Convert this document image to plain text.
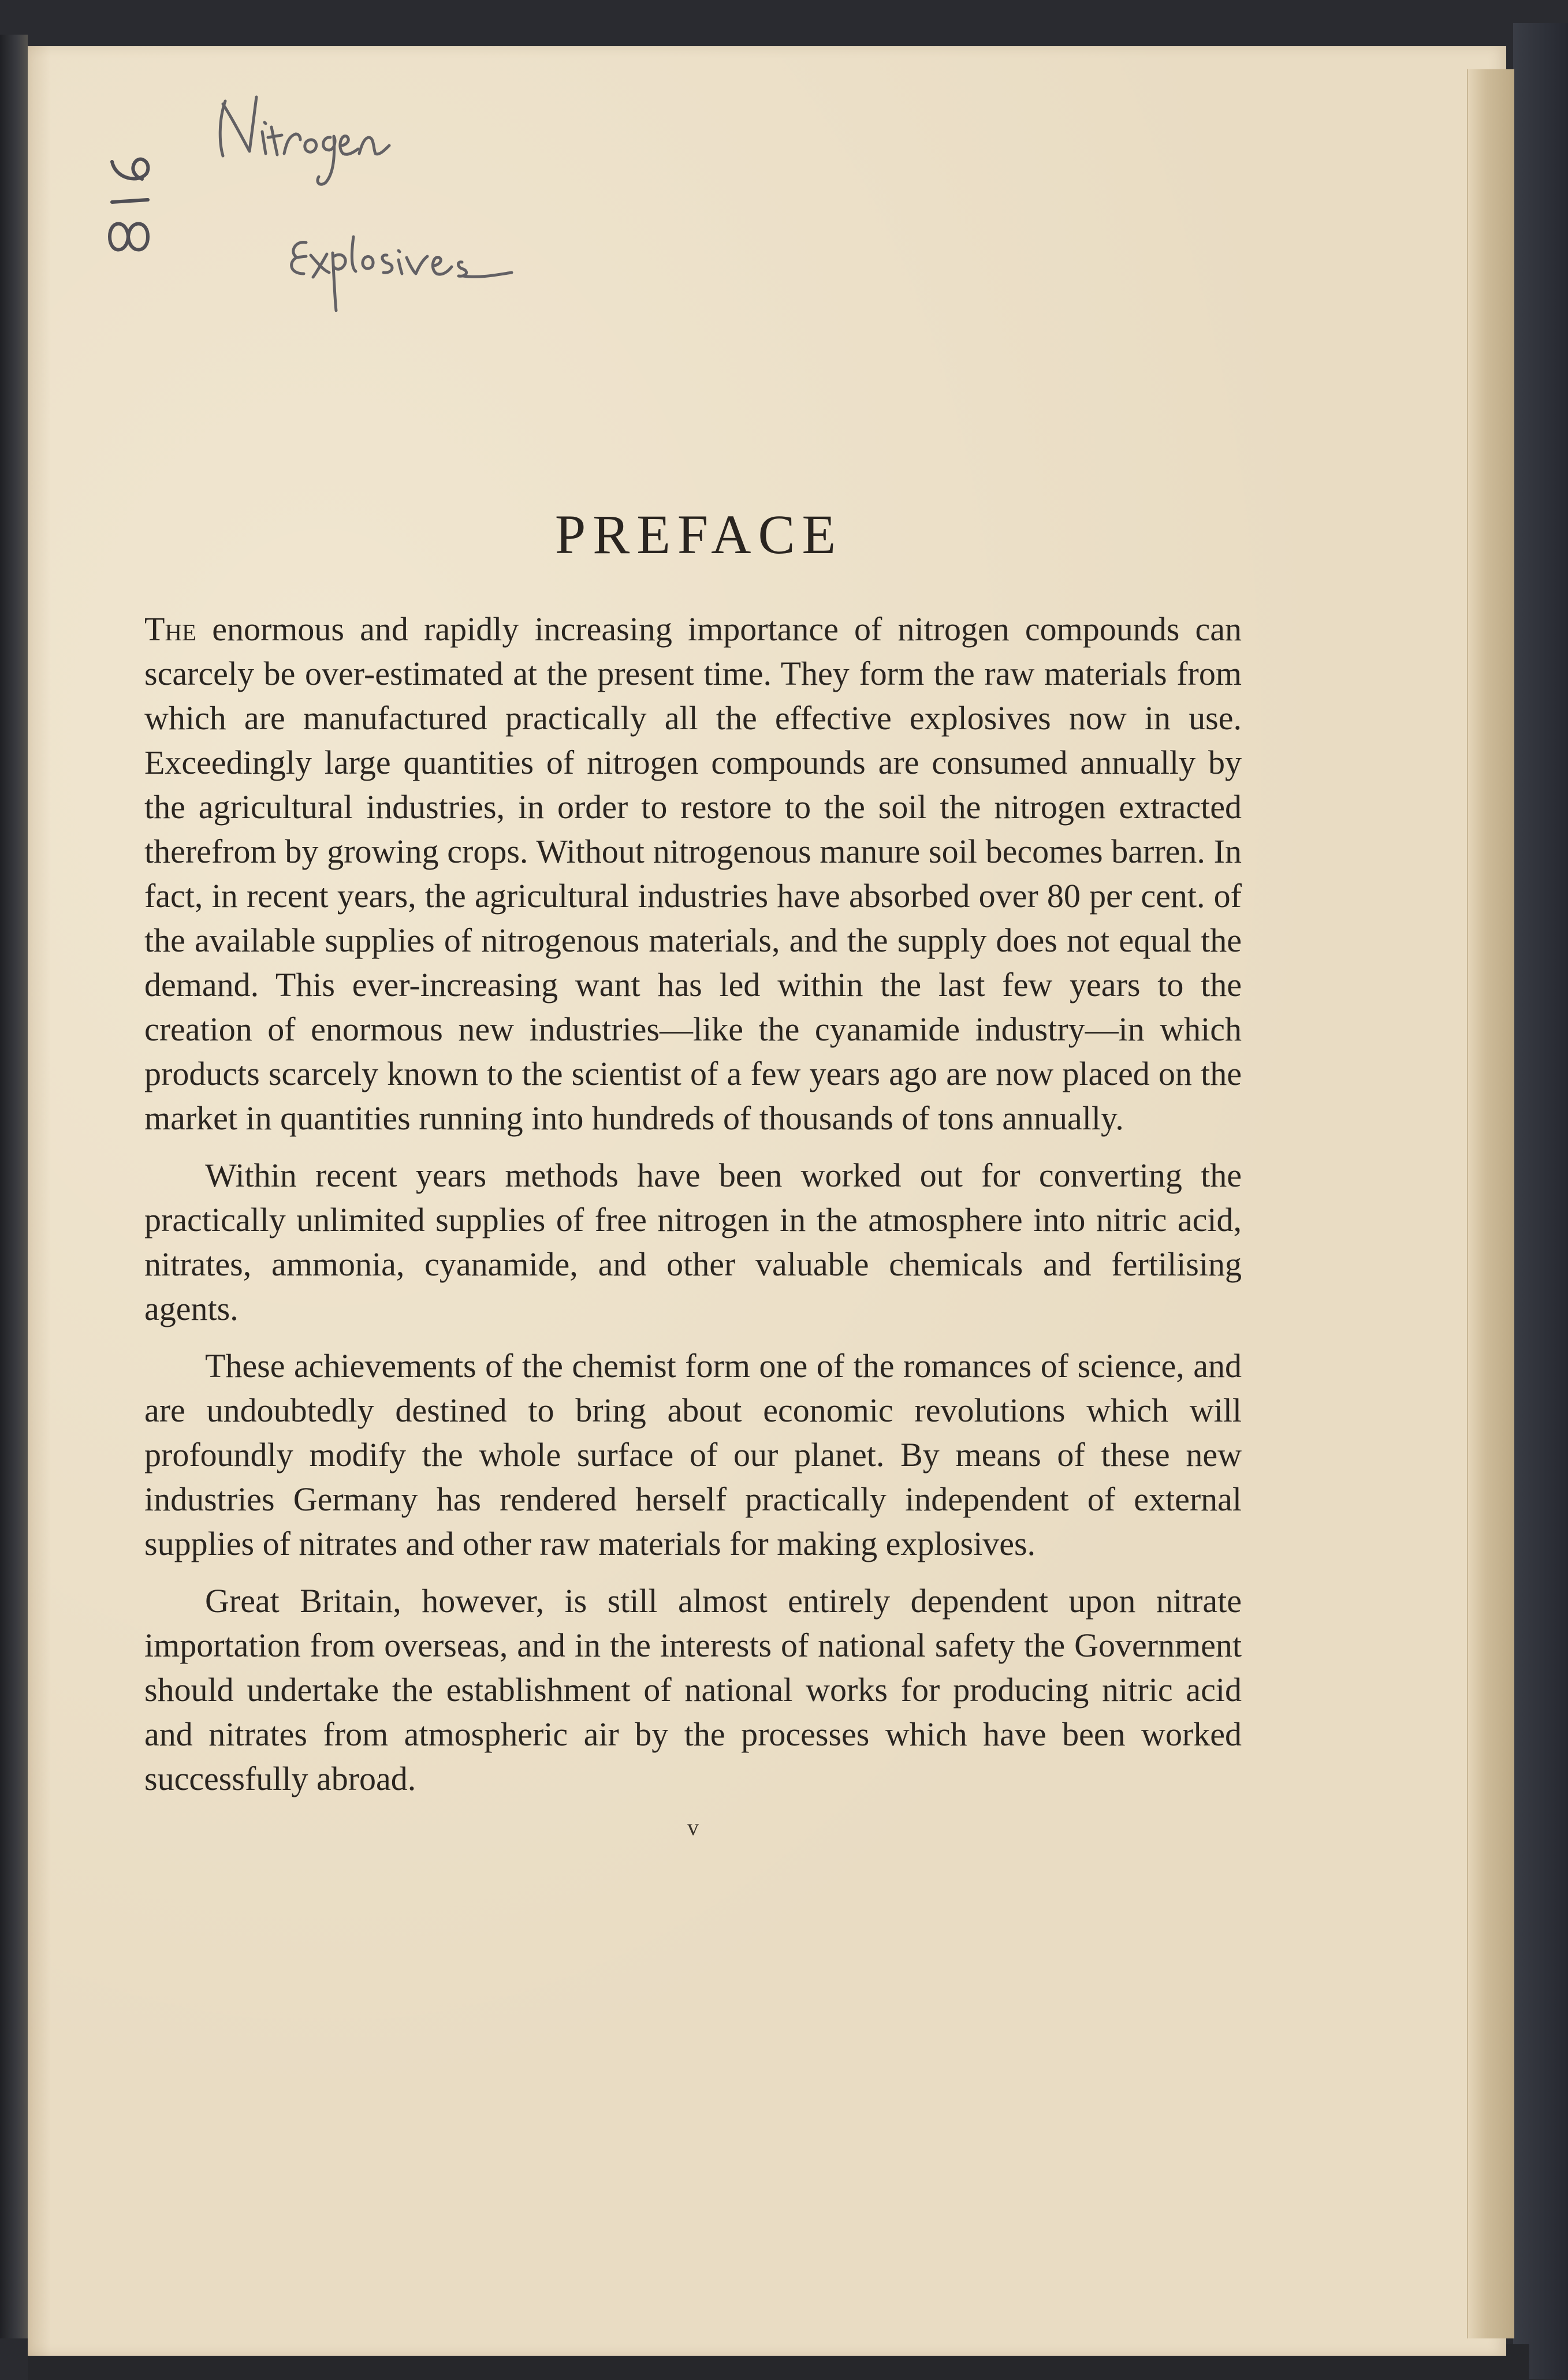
PREFACE

The enormous and rapidly increasing importance of nitrogen compounds can scarcely be over-estimated at the present time. They form the raw materials from which are manufactured practically all the effective explosives now in use. Exceedingly large quantities of nitrogen compounds are consumed annually by the agricultural industries, in order to restore to the soil the nitrogen extracted therefrom by growing crops. Without nitrogenous manure soil becomes barren. In fact, in recent years, the agricultural industries have absorbed over 80 per cent. of the available supplies of nitrogenous materials, and the supply does not equal the demand. This ever-increasing want has led within the last few years to the creation of enormous new industries—like the cyanamide industry—in which products scarcely known to the scientist of a few years ago are now placed on the market in quantities running into hundreds of thousands of tons annually.

Within recent years methods have been worked out for converting the practically unlimited supplies of free nitrogen in the atmosphere into nitric acid, nitrates, ammonia, cyanamide, and other valuable chemicals and fertilising agents.

These achievements of the chemist form one of the romances of science, and are undoubtedly destined to bring about economic revolutions which will profoundly modify the whole surface of our planet. By means of these new industries Germany has rendered herself practically independent of external supplies of nitrates and other raw materials for making explosives.

Great Britain, however, is still almost entirely dependent upon nitrate importation from overseas, and in the interests of national safety the Government should undertake the establishment of national works for producing nitric acid and nitrates from atmospheric air by the processes which have been worked successfully abroad.

v
